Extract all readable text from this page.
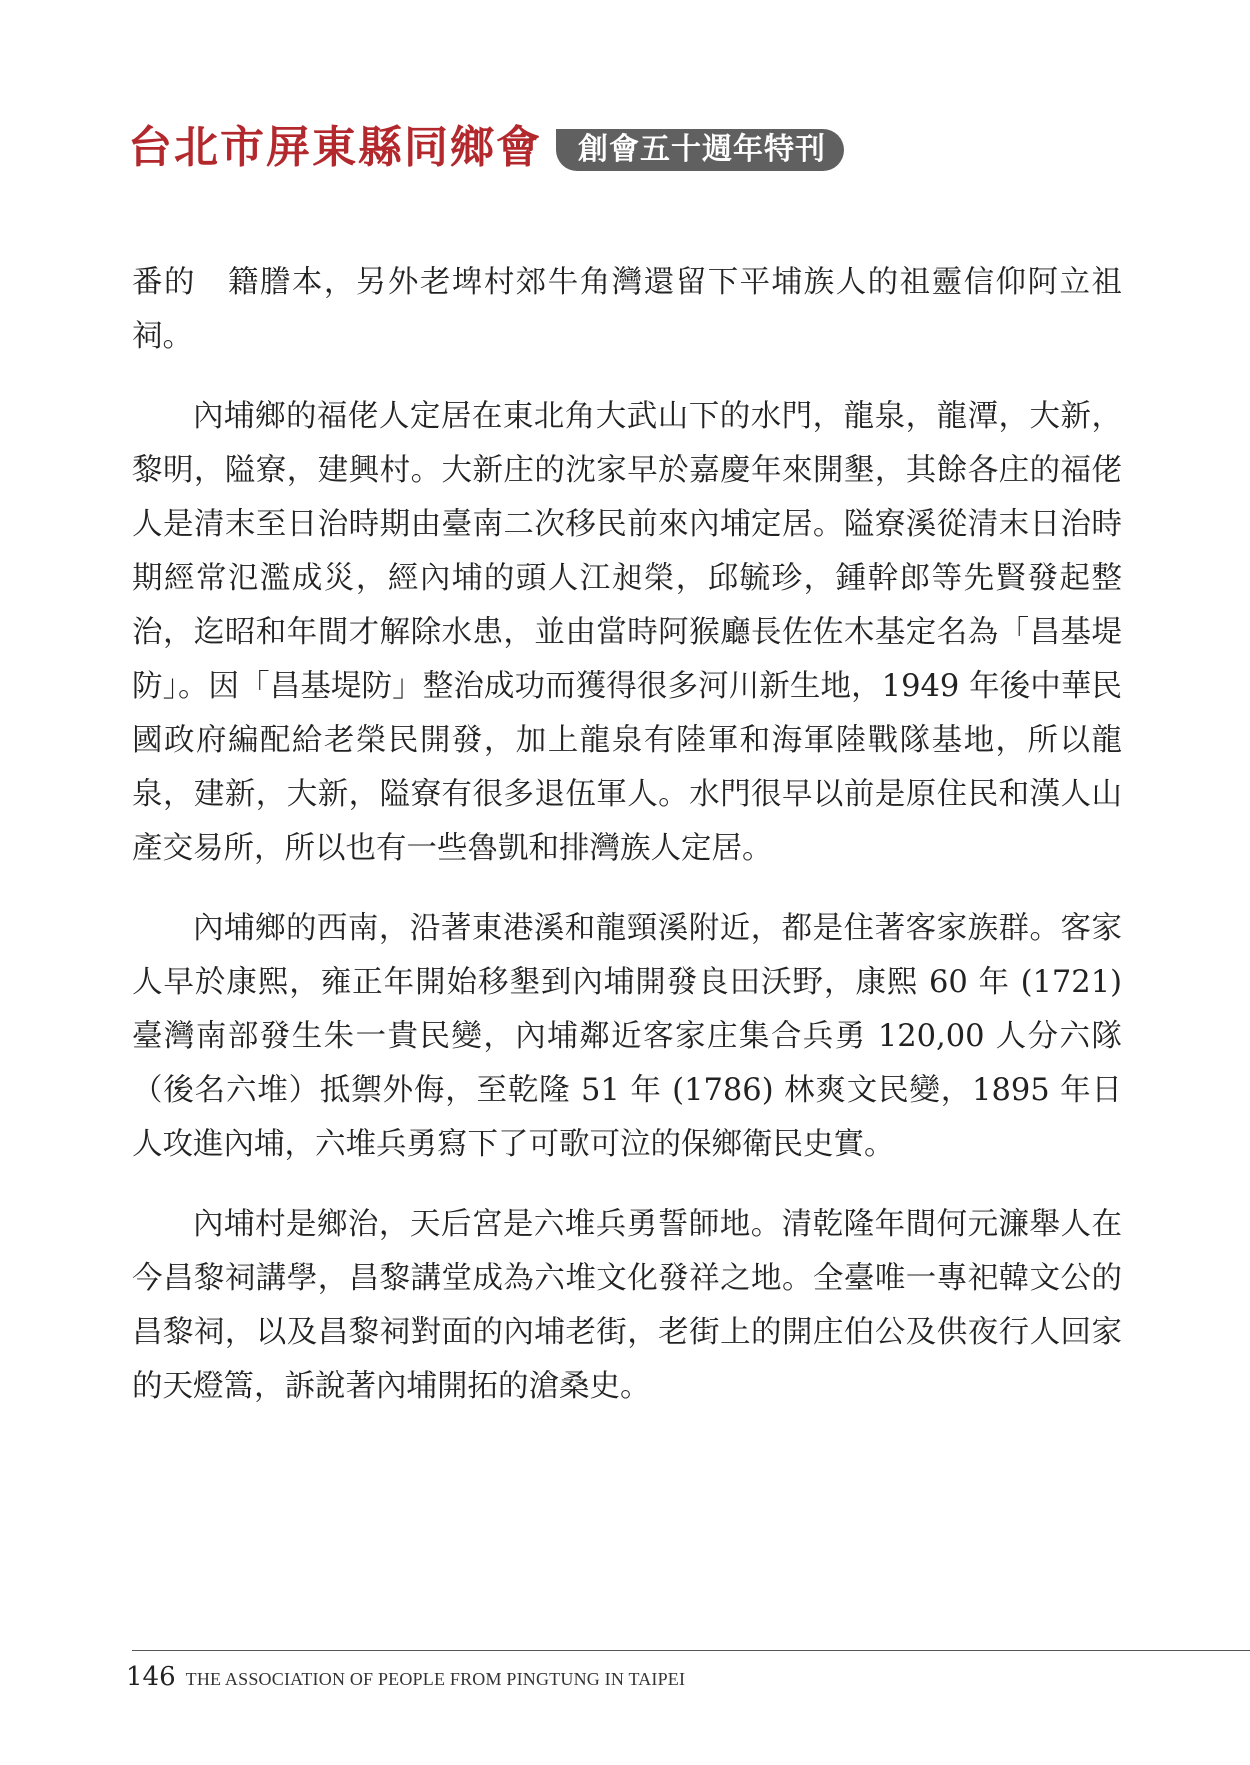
台北市屏東縣同鄉會	創會五十週年特刊

番的　籍謄本，另外老埤村郊牛角灣還留下平埔族人的祖靈信仰阿立祖祠。

內埔鄉的福佬人定居在東北角大武山下的水門，龍泉，龍潭，大新，黎明，隘寮，建興村。大新庄的沈家早於嘉慶年來開墾，其餘各庄的福佬人是清末至日治時期由臺南二次移民前來內埔定居。隘寮溪從清末日治時期經常氾濫成災，經內埔的頭人江昶榮，邱毓珍，鍾幹郎等先賢發起整治，迄昭和年間才解除水患，並由當時阿猴廳長佐佐木基定名為「昌基堤防」。因「昌基堤防」整治成功而獲得很多河川新生地，1949 年後中華民國政府編配給老榮民開發，加上龍泉有陸軍和海軍陸戰隊基地，所以龍泉，建新，大新，隘寮有很多退伍軍人。水門很早以前是原住民和漢人山產交易所，所以也有一些魯凱和排灣族人定居。

內埔鄉的西南，沿著東港溪和龍頸溪附近，都是住著客家族群。客家人早於康熙，雍正年開始移墾到內埔開發良田沃野，康熙 60 年 (1721) 臺灣南部發生朱一貴民變，內埔鄰近客家庄集合兵勇 120,00 人分六隊（後名六堆）抵禦外侮，至乾隆 51 年 (1786) 林爽文民變，1895 年日人攻進內埔，六堆兵勇寫下了可歌可泣的保鄉衛民史實。

內埔村是鄉治，天后宮是六堆兵勇誓師地。清乾隆年間何元濂舉人在今昌黎祠講學，昌黎講堂成為六堆文化發祥之地。全臺唯一專祀韓文公的昌黎祠，以及昌黎祠對面的內埔老街，老街上的開庄伯公及供夜行人回家的天燈篙，訴說著內埔開拓的滄桑史。

146 THE ASSOCIATION OF PEOPLE FROM PINGTUNG IN TAIPEI
